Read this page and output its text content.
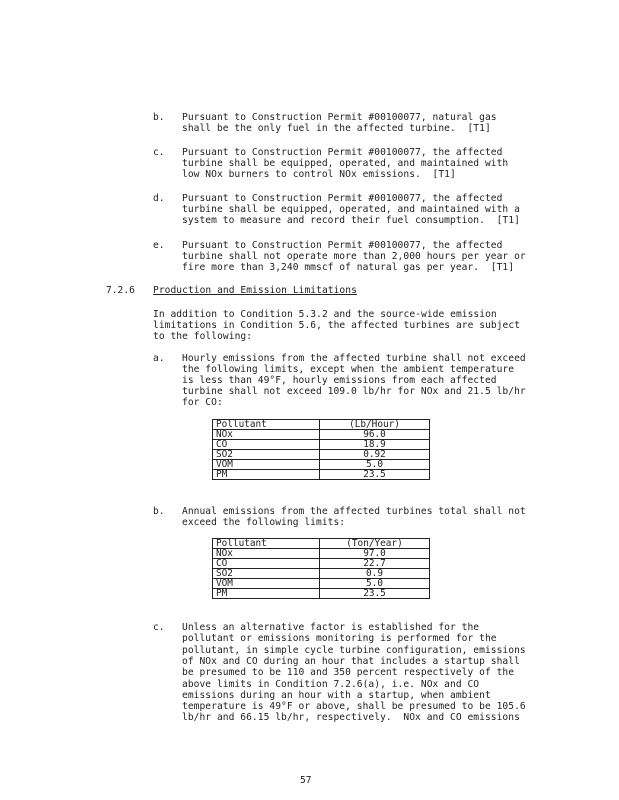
b. Pursuant to Construction Permit #00100077, natural gas
shall be the only fuel in the affected turbine.  [T1]
c. Pursuant to Construction Permit #00100077, the affected
turbine shall be equipped, operated, and maintained with
low NOx burners to control NOx emissions.  [T1]
d. Pursuant to Construction Permit #00100077, the affected
turbine shall be equipped, operated, and maintained with a
system to measure and record their fuel consumption.  [T1]
e. Pursuant to Construction Permit #00100077, the affected
turbine shall not operate more than 2,000 hours per year or
fire more than 3,240 mmscf of natural gas per year.  [T1]
7.2.6 Production and Emission Limitations
In addition to Condition 5.3.2 and the source-wide emission
limitations in Condition 5.6, the affected turbines are subject
to the following:
a. Hourly emissions from the affected turbine shall not exceed
the following limits, except when the ambient temperature
is less than 49°F, hourly emissions from each affected
turbine shall not exceed 109.0 lb/hr for NOx and 21.5 lb/hr
for CO:
Pollutant	(Lb/Hour)
NOx	96.0
CO	18.9
SO2	0.92
VOM	5.0
PM	23.5
b. Annual emissions from the affected turbines total shall not
exceed the following limits:
Pollutant	(Ton/Year)
NOx	97.0
CO	22.7
SO2	0.9
VOM	5.0
PM	23.5
c. Unless an alternative factor is established for the
pollutant or emissions monitoring is performed for the
pollutant, in simple cycle turbine configuration, emissions
of NOx and CO during an hour that includes a startup shall
be presumed to be 110 and 350 percent respectively of the
above limits in Condition 7.2.6(a), i.e. NOx and CO
emissions during an hour with a startup, when ambient
temperature is 49°F or above, shall be presumed to be 105.6
lb/hr and 66.15 lb/hr, respectively.  NOx and CO emissions
57
